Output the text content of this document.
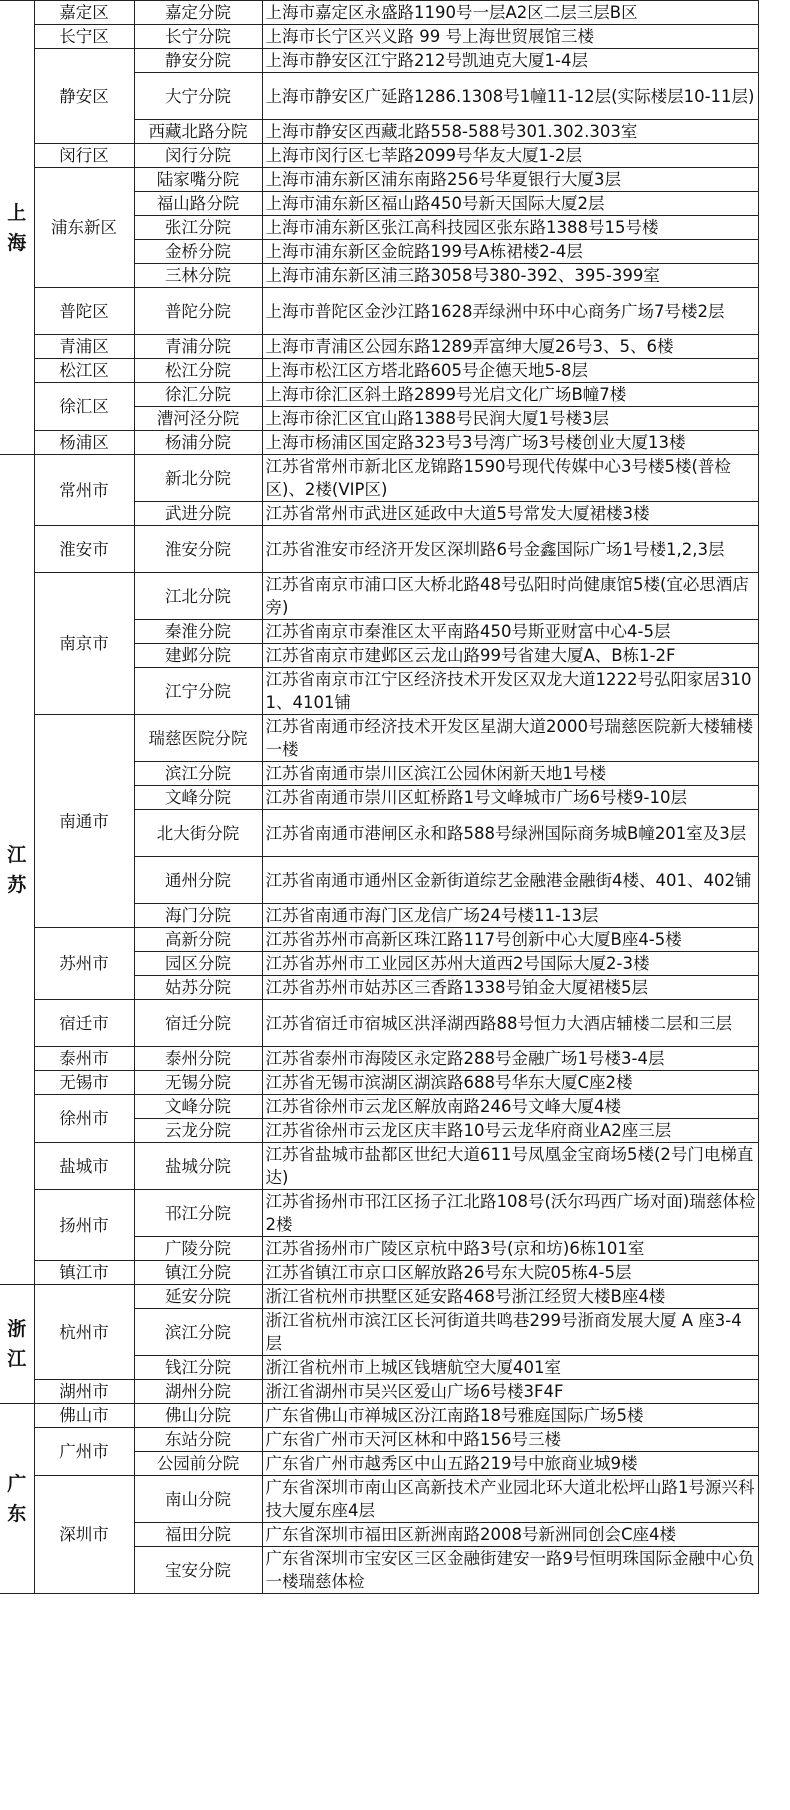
上海	嘉定区	嘉定分院	上海市嘉定区永盛路1190号一层A2区二层三层B区
	长宁区	长宁分院	上海市长宁区兴义路 99 号上海世贸展馆三楼
	静安区	静安分院	上海市静安区江宁路212号凯迪克大厦1-4层
		大宁分院	上海市静安区广延路1286.1308号1幢11-12层(实际楼层10-11层)
		西藏北路分院	上海市静安区西藏北路558-588号301.302.303室
	闵行区	闵行分院	上海市闵行区七莘路2099号华友大厦1-2层
	浦东新区	陆家嘴分院	上海市浦东新区浦东南路256号华夏银行大厦3层
		福山路分院	上海市浦东新区福山路450号新天国际大厦2层
		张江分院	上海市浦东新区张江高科技园区张东路1388号15号楼
		金桥分院	上海市浦东新区金皖路199号A栋裙楼2-4层
		三林分院	上海市浦东新区浦三路3058号380-392、395-399室
	普陀区	普陀分院	上海市普陀区金沙江路1628弄绿洲中环中心商务广场7号楼2层
	青浦区	青浦分院	上海市青浦区公园东路1289弄富绅大厦26号3、5、6楼
	松江区	松江分院	上海市松江区方塔北路605号企德天地5-8层
	徐汇区	徐汇分院	上海市徐汇区斜土路2899号光启文化广场B幢7楼
		漕河泾分院	上海市徐汇区宜山路1388号民润大厦1号楼3层
	杨浦区	杨浦分院	上海市杨浦区国定路323号3号湾广场3号楼创业大厦13楼
江苏	常州市	新北分院	江苏省常州市新北区龙锦路1590号现代传媒中心3号楼5楼(普检区)、2楼(VIP区)
		武进分院	江苏省常州市武进区延政中大道5号常发大厦裙楼3楼
	淮安市	淮安分院	江苏省淮安市经济开发区深圳路6号金鑫国际广场1号楼1,2,3层
	南京市	江北分院	江苏省南京市浦口区大桥北路48号弘阳时尚健康馆5楼(宜必思酒店旁)
		秦淮分院	江苏省南京市秦淮区太平南路450号斯亚财富中心4-5层
		建邺分院	江苏省南京市建邺区云龙山路99号省建大厦A、B栋1-2F
		江宁分院	江苏省南京市江宁区经济技术开发区双龙大道1222号弘阳家居3101、4101铺
	南通市	瑞慈医院分院	江苏省南通市经济技术开发区星湖大道2000号瑞慈医院新大楼辅楼一楼
		滨江分院	江苏省南通市崇川区滨江公园休闲新天地1号楼
		文峰分院	江苏省南通市崇川区虹桥路1号文峰城市广场6号楼9-10层
		北大街分院	江苏省南通市港闸区永和路588号绿洲国际商务城B幢201室及3层
		通州分院	江苏省南通市通州区金新街道综艺金融港金融街4楼、401、402铺
		海门分院	江苏省南通市海门区龙信广场24号楼11-13层
	苏州市	高新分院	江苏省苏州市高新区珠江路117号创新中心大厦B座4-5楼
		园区分院	江苏省苏州市工业园区苏州大道西2号国际大厦2-3楼
		姑苏分院	江苏省苏州市姑苏区三香路1338号铂金大厦裙楼5层
	宿迁市	宿迁分院	江苏省宿迁市宿城区洪泽湖西路88号恒力大酒店辅楼二层和三层
	泰州市	泰州分院	江苏省泰州市海陵区永定路288号金融广场1号楼3-4层
	无锡市	无锡分院	江苏省无锡市滨湖区湖滨路688号华东大厦C座2楼
	徐州市	文峰分院	江苏省徐州市云龙区解放南路246号文峰大厦4楼
		云龙分院	江苏省徐州市云龙区庆丰路10号云龙华府商业A2座三层
	盐城市	盐城分院	江苏省盐城市盐都区世纪大道611号凤凰金宝商场5楼(2号门电梯直达)
	扬州市	邗江分院	江苏省扬州市邗江区扬子江北路108号(沃尔玛西广场对面)瑞慈体检2楼
		广陵分院	江苏省扬州市广陵区京杭中路3号(京和坊)6栋101室
	镇江市	镇江分院	江苏省镇江市京口区解放路26号东大院05栋4-5层
浙江	杭州市	延安分院	浙江省杭州市拱墅区延安路468号浙江经贸大楼B座4楼
		滨江分院	浙江省杭州市滨江区长河街道共鸣巷299号浙商发展大厦 A 座3-4 层
		钱江分院	浙江省杭州市上城区钱塘航空大厦401室
	湖州市	湖州分院	浙江省湖州市吴兴区爱山广场6号楼3F4F
广东	佛山市	佛山分院	广东省佛山市禅城区汾江南路18号雅庭国际广场5楼
	广州市	东站分院	广东省广州市天河区林和中路156号三楼
		公园前分院	广东省广州市越秀区中山五路219号中旅商业城9楼
	深圳市	南山分院	广东省深圳市南山区高新技术产业园北环大道北松坪山路1号源兴科技大厦东座4层
		福田分院	广东省深圳市福田区新洲南路2008号新洲同创会C座4楼
		宝安分院	广东省深圳市宝安区三区金融街建安一路9号恒明珠国际金融中心负一楼瑞慈体检
